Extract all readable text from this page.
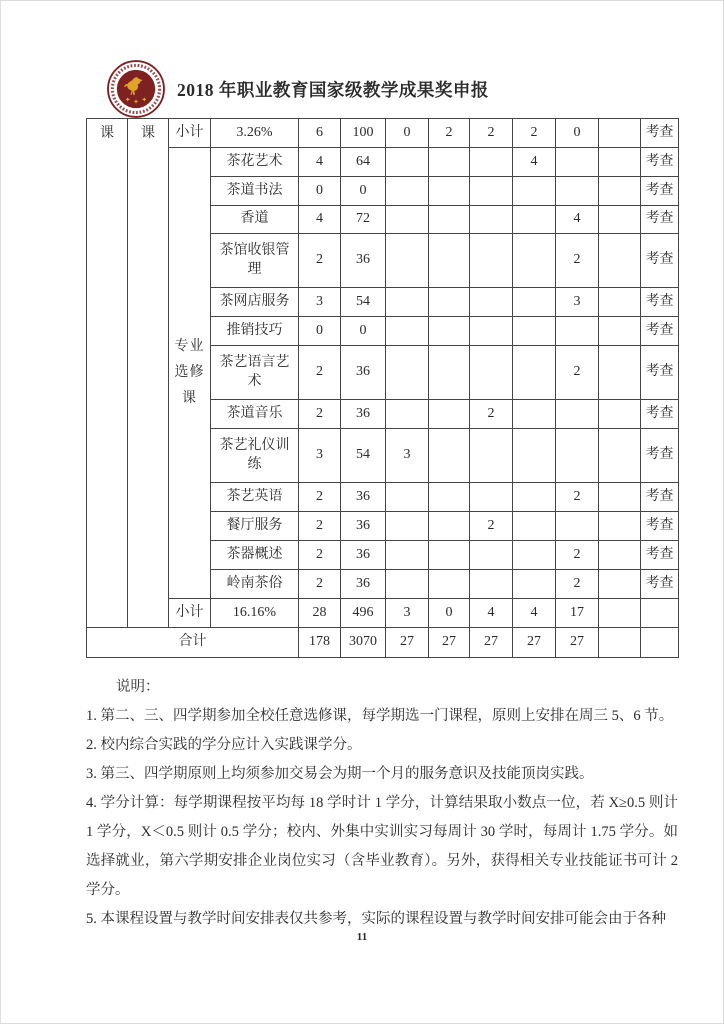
2018 年职业教育国家级教学成果奖申报
课	课	小计	3.26%	6	100	0	2	2	2	0		考查

		专业选修课	茶花艺术	4	64				4			考查
			茶道书法	0	0							考查
			香道	4	72					4		考查
			茶馆收银管理	2	36					2		考查
			茶网店服务	3	54					3		考查
			推销技巧	0	0							考查
			茶艺语言艺术	2	36					2		考查
			茶道音乐	2	36			2				考查
			茶艺礼仪训练	3	54	3						考查
			茶艺英语	2	36					2		考查
			餐厅服务	2	36			2				考查
			茶器概述	2	36					2		考查
			岭南茶俗	2	36					2		考查
		小计	16.16%	28	496	3	0	4	4	17		
合计				178	3070	27	27	27	27	27		
说明：
1. 第二、三、四学期参加全校任意选修课，每学期选一门课程，原则上安排在周三 5、6 节。
2. 校内综合实践的学分应计入实践课学分。
3. 第三、四学期原则上均须参加交易会为期一个月的服务意识及技能顶岗实践。
4. 学分计算：每学期课程按平均每 18 学时计 1 学分，计算结果取小数点一位，若 X≥0.5 则计 1 学分，X＜0.5 则计 0.5 学分；校内、外集中实训实习每周计 30 学时，每周计 1.75 学分。如选择就业，第六学期安排企业岗位实习（含毕业教育）。另外，获得相关专业技能证书可计 2 学分。
5. 本课程设置与教学时间安排表仅共参考，实际的课程设置与教学时间安排可能会由于各种
11
